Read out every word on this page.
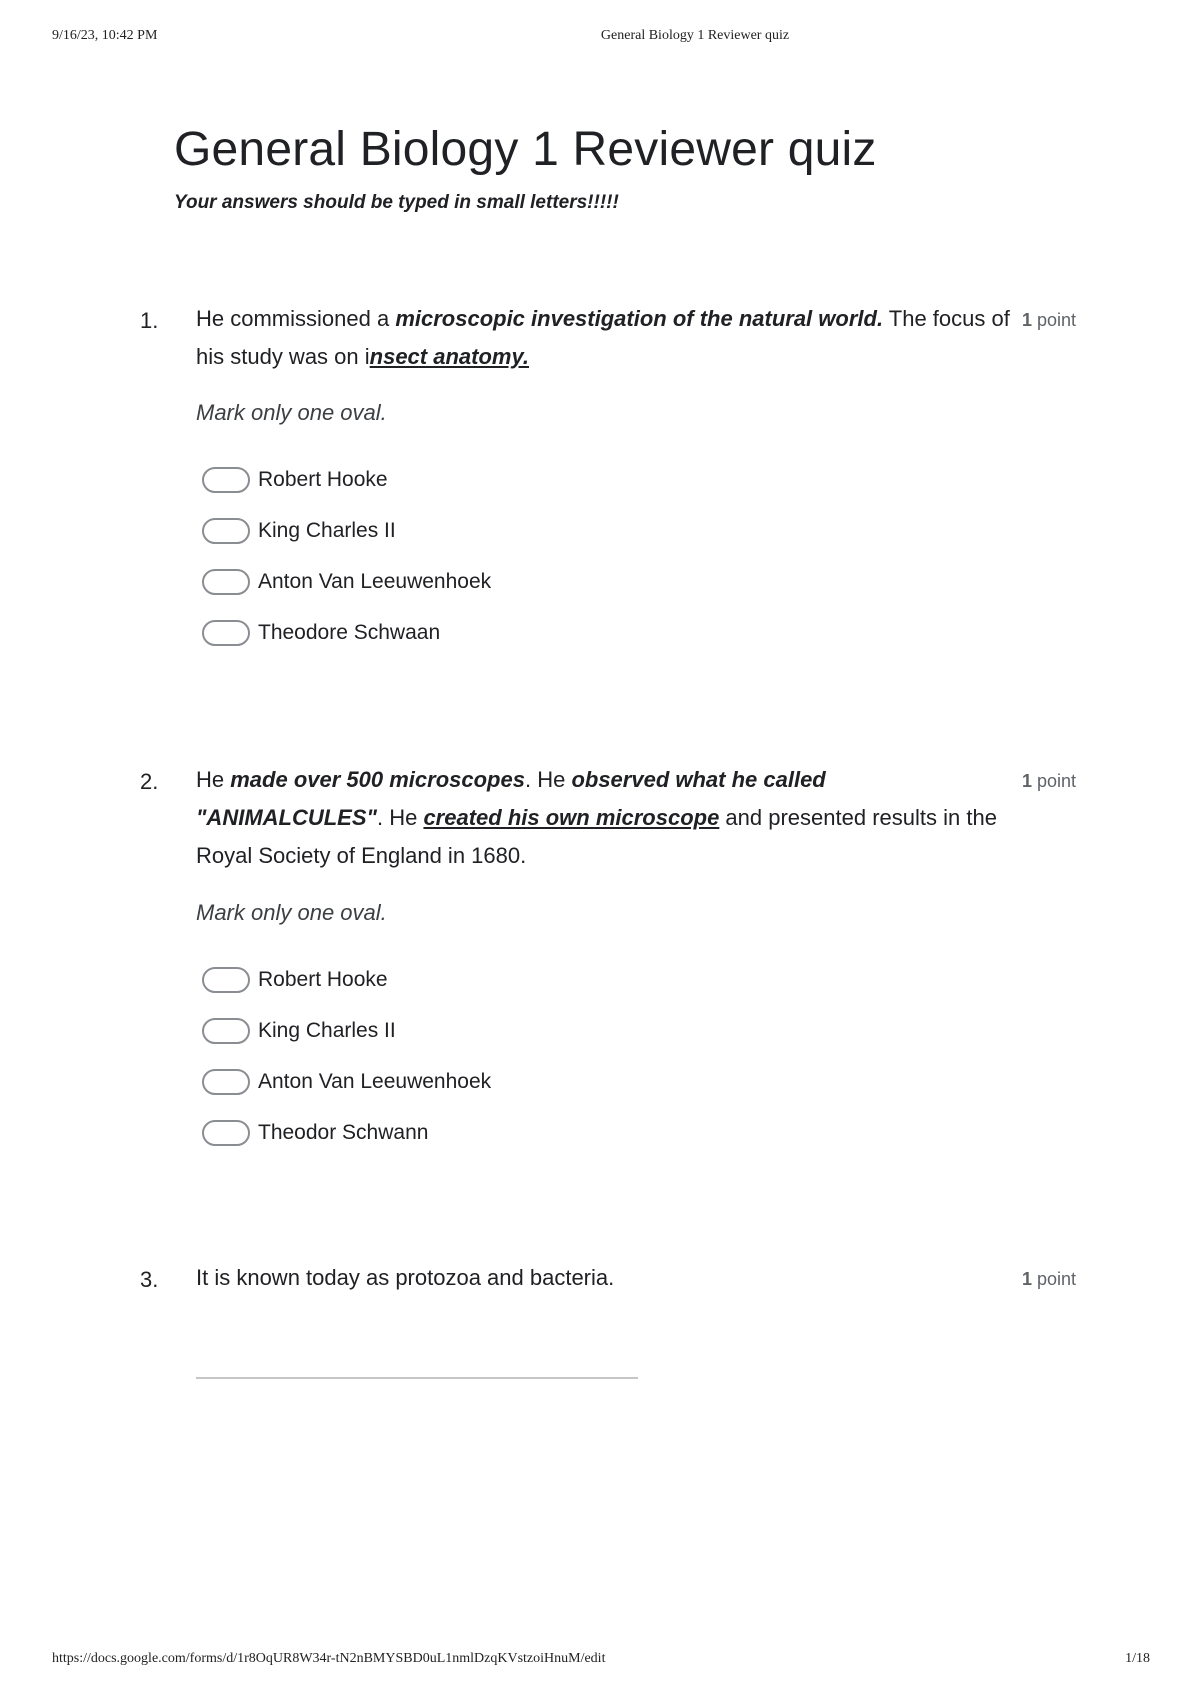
9/16/23, 10:42 PM	General Biology 1 Reviewer quiz
General Biology 1 Reviewer quiz
Your answers should be typed in small letters!!!!!
1. He commissioned a microscopic investigation of the natural world. The focus of his study was on insect anatomy.
1 point
Mark only one oval.
Robert Hooke
King Charles II
Anton Van Leeuwenhoek
Theodore Schwaan
2. He made over 500 microscopes. He observed what he called "ANIMALCULES". He created his own microscope and presented results in the Royal Society of England in 1680.
1 point
Mark only one oval.
Robert Hooke
King Charles II
Anton Van Leeuwenhoek
Theodor Schwann
3. It is known today as protozoa and bacteria.	1 point
https://docs.google.com/forms/d/1r8OqUR8W34r-tN2nBMYSBD0uL1nmlDzqKVstzoiHnuM/edit	1/18
